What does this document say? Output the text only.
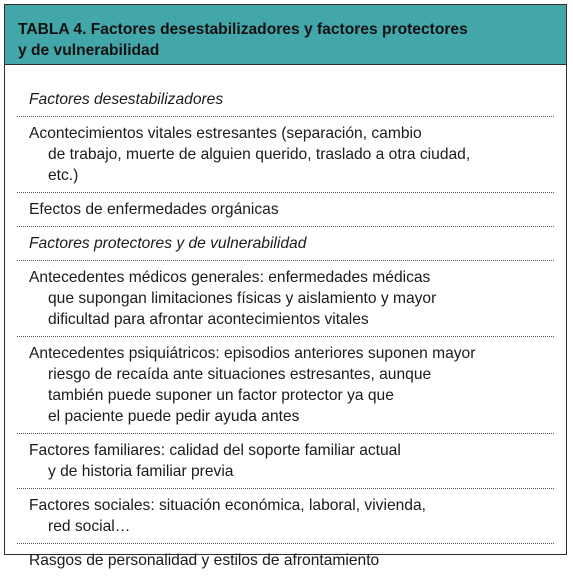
TABLA 4. Factores desestabilizadores y factores protectores
y de vulnerabilidad
Factores desestabilizadores
Acontecimientos vitales estresantes (separación, cambio
de trabajo, muerte de alguien querido, traslado a otra ciudad,
etc.)
Efectos de enfermedades orgánicas
Factores protectores y de vulnerabilidad
Antecedentes médicos generales: enfermedades médicas
que supongan limitaciones físicas y aislamiento y mayor
dificultad para afrontar acontecimientos vitales
Antecedentes psiquiátricos: episodios anteriores suponen mayor
riesgo de recaída ante situaciones estresantes, aunque
también puede suponer un factor protector ya que
el paciente puede pedir ayuda antes
Factores familiares: calidad del soporte familiar actual
y de historia familiar previa
Factores sociales: situación económica, laboral, vivienda,
red social…
Rasgos de personalidad y estilos de afrontamiento
